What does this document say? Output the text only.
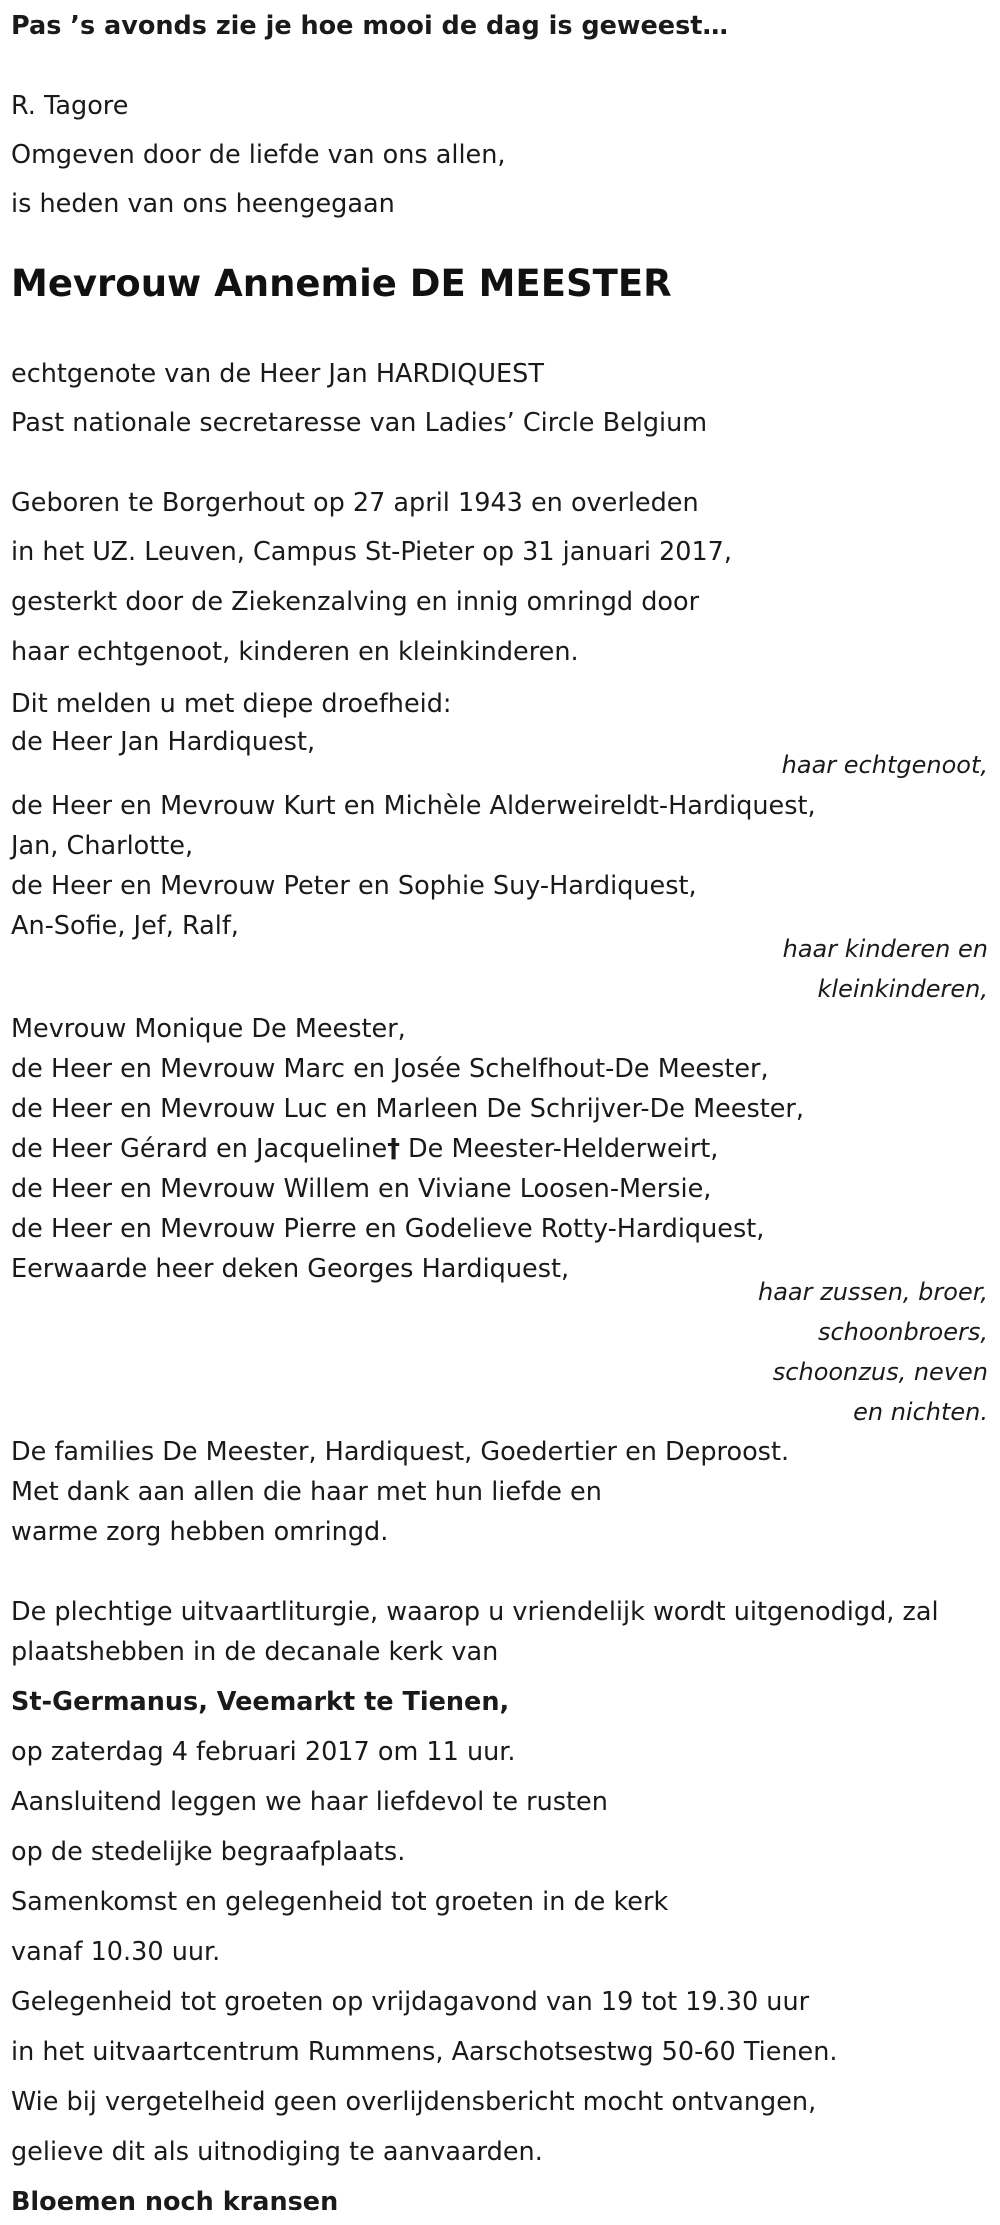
Pas ’s avonds zie je hoe mooi de dag is geweest…

R. Tagore

Omgeven door de liefde van ons allen,

is heden van ons heengegaan

Mevrouw Annemie DE MEESTER

echtgenote van de Heer Jan HARDIQUEST

Past nationale secretaresse van Ladies’ Circle Belgium

Geboren te Borgerhout op 27 april 1943 en overleden

in het UZ. Leuven, Campus St-Pieter op 31 januari 2017,

gesterkt door de Ziekenzalving en innig omringd door

haar echtgenoot, kinderen en kleinkinderen.

Dit melden u met diepe droefheid:

de Heer Jan Hardiquest,

haar echtgenoot,

de Heer en Mevrouw Kurt en Michèle Alderweireldt-Hardiquest,

Jan, Charlotte,

de Heer en Mevrouw Peter en Sophie Suy-Hardiquest,

An-Sofie, Jef, Ralf,

haar kinderen en

kleinkinderen,

Mevrouw Monique De Meester,

de Heer en Mevrouw Marc en Josée Schelfhout-De Meester,

de Heer en Mevrouw Luc en Marleen De Schrijver-De Meester,

de Heer Gérard en Jacqueline† De Meester-Helderweirt,

de Heer en Mevrouw Willem en Viviane Loosen-Mersie,

de Heer en Mevrouw Pierre en Godelieve Rotty-Hardiquest,

Eerwaarde heer deken Georges Hardiquest,

haar zussen, broer,

schoonbroers,

schoonzus, neven

en nichten.

De families De Meester, Hardiquest, Goedertier en Deproost.

Met dank aan allen die haar met hun liefde en

warme zorg hebben omringd.

De plechtige uitvaartliturgie, waarop u vriendelijk wordt uitgenodigd, zal

plaatshebben in de decanale kerk van

St-Germanus, Veemarkt te Tienen,

op zaterdag 4 februari 2017 om 11 uur.

Aansluitend leggen we haar liefdevol te rusten

op de stedelijke begraafplaats.

Samenkomst en gelegenheid tot groeten in de kerk

vanaf 10.30 uur.

Gelegenheid tot groeten op vrijdagavond van 19 tot 19.30 uur

in het uitvaartcentrum Rummens, Aarschotsestwg 50-60 Tienen.

Wie bij vergetelheid geen overlijdensbericht mocht ontvangen,

gelieve dit als uitnodiging te aanvaarden.

Bloemen noch kransen
